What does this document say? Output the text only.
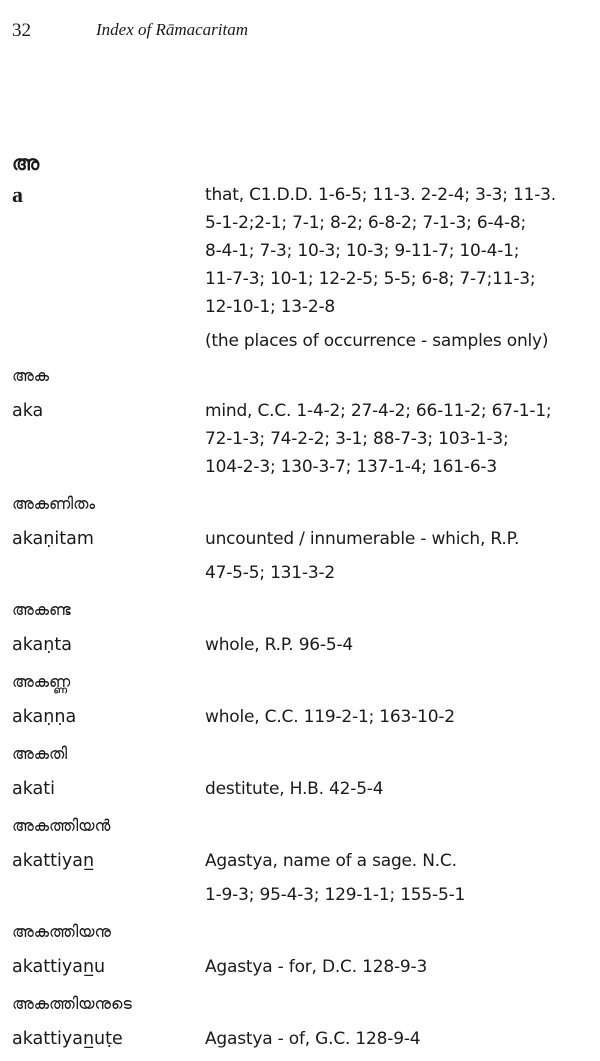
32	Index of Rāmacaritam
അ
a	that, C1.D.D. 1-6-5; 11-3. 2-2-4; 3-3; 11-3.
5-1-2;2-1; 7-1; 8-2; 6-8-2; 7-1-3; 6-4-8;
8-4-1; 7-3; 10-3; 10-3; 9-11-7; 10-4-1;
11-7-3; 10-1; 12-2-5; 5-5; 6-8; 7-7;11-3;
12-10-1; 13-2-8
(the places of occurrence - samples only)
അക
aka	mind, C.C. 1-4-2; 27-4-2; 66-11-2; 67-1-1;
72-1-3; 74-2-2; 3-1; 88-7-3; 103-1-3;
104-2-3; 130-3-7; 137-1-4; 161-6-3
അകണിതം
akaṇitam	uncounted / innumerable - which, R.P.
47-5-5; 131-3-2
അകണ്ട
akaṇta	whole, R.P. 96-5-4
അകണ്ണ
akaṇṇa	whole, C.C. 119-2-1; 163-10-2
അകതി
akati	destitute, H.B. 42-5-4
അകത്തിയൻ
akattiyan̲	Agastya, name of a sage. N.C.
1-9-3; 95-4-3; 129-1-1; 155-5-1
അകത്തിയനു
akattiyan̲u	Agastya - for, D.C. 128-9-3
അകത്തിയനുടെ
akattiyan̲uṭe	Agastya - of, G.C. 128-9-4
